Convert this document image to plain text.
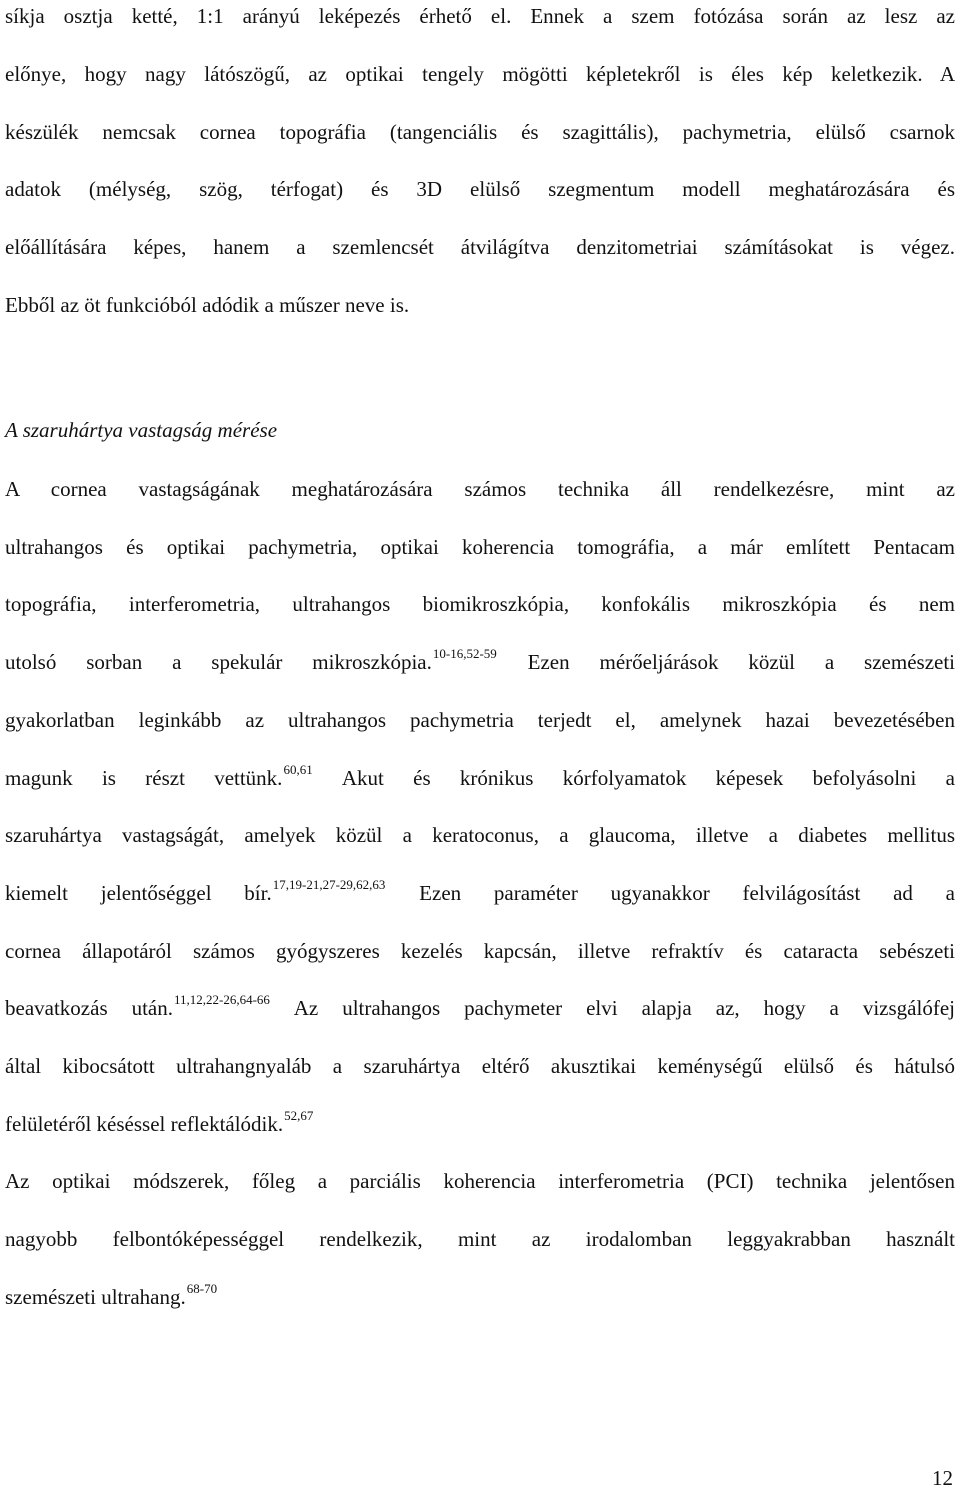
síkja osztja ketté, 1:1 arányú leképezés érhető el. Ennek a szem fotózása során az lesz az
előnye, hogy nagy látószögű, az optikai tengely mögötti képletekről is éles kép keletkezik. A
készülék nemcsak cornea topográfia (tangenciális és szagittális), pachymetria, elülső csarnok
adatok (mélység, szög, térfogat) és 3D elülső szegmentum modell meghatározására és
előállítására képes, hanem a szemlencsét átvilágítva denzitometriai számításokat is végez.
Ebből az öt funkcióból adódik a műszer neve is.
A szaruhártya vastagság mérése
A cornea vastagságának meghatározására számos technika áll rendelkezésre, mint az
ultrahangos és optikai pachymetria, optikai koherencia tomográfia, a már említett Pentacam
topográfia, interferometria, ultrahangos biomikroszkópia, konfokális mikroszkópia és nem
utolsó sorban a spekulár mikroszkópia.$^{10-16,52-59}$ Ezen mérőeljárások közül a szemészeti
gyakorlatban leginkább az ultrahangos pachymetria terjedt el, amelynek hazai bevezetésében
magunk is részt vettünk.$^{60,61}$ Akut és krónikus kórfolyamatok képesek befolyásolni a
szaruhártya vastagságát, amelyek közül a keratoconus, a glaucoma, illetve a diabetes mellitus
kiemelt jelentőséggel bír.$^{17,19-21,27-29,62,63}$ Ezen paraméter ugyanakkor felvilágosítást ad a
cornea állapotáról számos gyógyszeres kezelés kapcsán, illetve refraktív és cataracta sebészeti
beavatkozás után.$^{11,12,22-26,64-66}$ Az ultrahangos pachymeter elvi alapja az, hogy a vizsgálófej
által kibocsátott ultrahangnyaláb a szaruhártya eltérő akusztikai keménységű elülső és hátulsó
felületéről késéssel reflektálódik.$^{52,67}$
Az optikai módszerek, főleg a parciális koherencia interferometria (PCI) technika jelentősen
nagyobb felbontóképességgel rendelkezik, mint az irodalomban leggyakrabban használt
szemészeti ultrahang.$^{68-70}$
12
